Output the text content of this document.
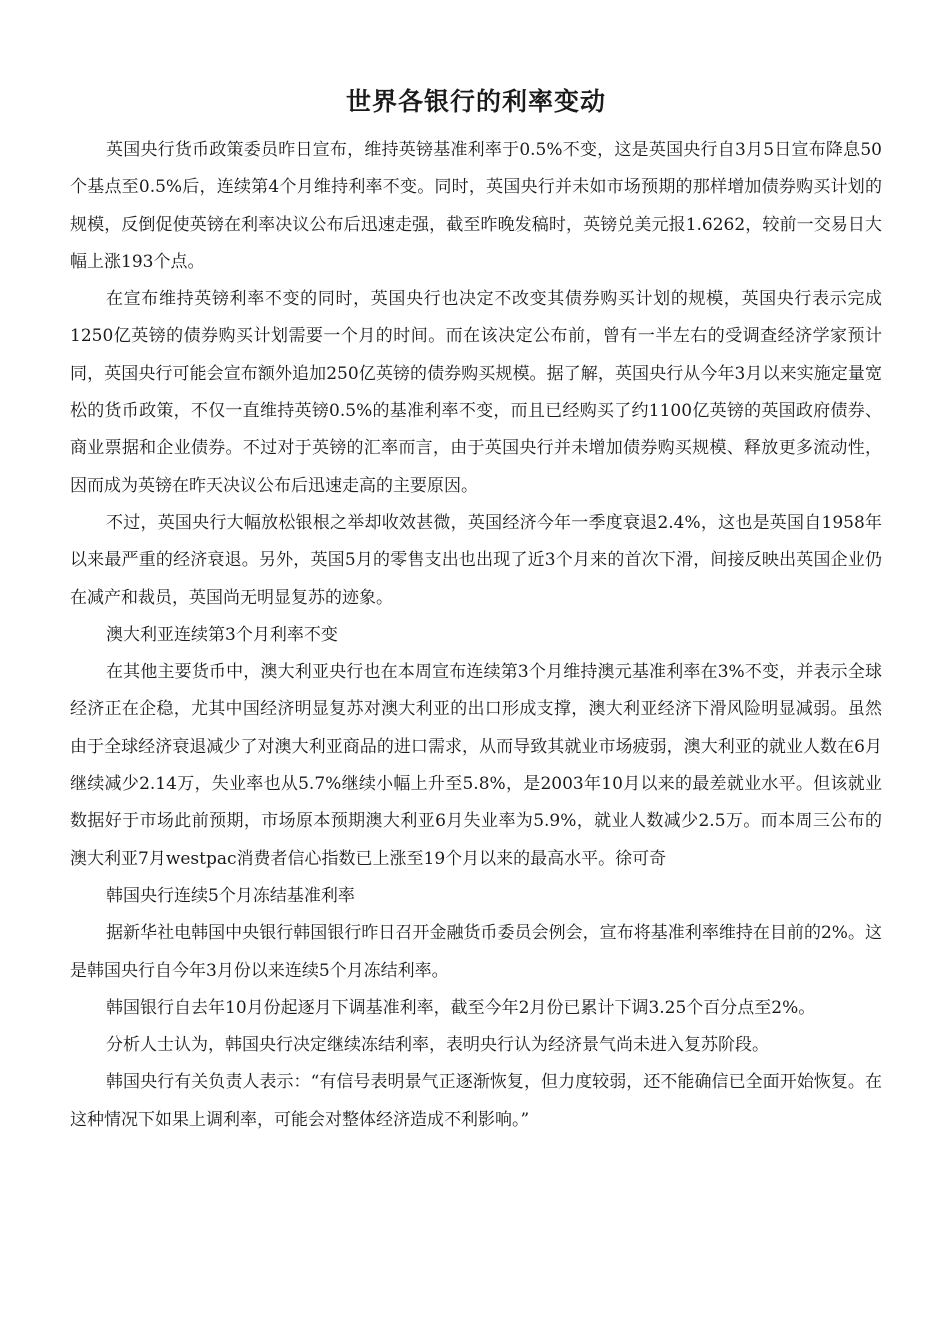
世界各银行的利率变动

英国央行货币政策委员昨日宣布，维持英镑基准利率于0.5%不变，这是英国央行自3月5日宣布降息50个基点至0.5%后，连续第4个月维持利率不变。同时，英国央行并未如市场预期的那样增加债券购买计划的规模，反倒促使英镑在利率决议公布后迅速走强，截至昨晚发稿时，英镑兑美元报1.6262，较前一交易日大幅上涨193个点。

在宣布维持英镑利率不变的同时，英国央行也决定不改变其债券购买计划的规模，英国央行表示完成1250亿英镑的债券购买计划需要一个月的时间。而在该决定公布前，曾有一半左右的受调查经济学家预计同，英国央行可能会宣布额外追加250亿英镑的债券购买规模。据了解，英国央行从今年3月以来实施定量宽松的货币政策，不仅一直维持英镑0.5%的基准利率不变，而且已经购买了约1100亿英镑的英国政府债券、商业票据和企业债券。不过对于英镑的汇率而言，由于英国央行并未增加债券购买规模、释放更多流动性，因而成为英镑在昨天决议公布后迅速走高的主要原因。

不过，英国央行大幅放松银根之举却收效甚微，英国经济今年一季度衰退2.4%，这也是英国自1958年以来最严重的经济衰退。另外，英国5月的零售支出也出现了近3个月来的首次下滑，间接反映出英国企业仍在减产和裁员，英国尚无明显复苏的迹象。

澳大利亚连续第3个月利率不变

在其他主要货币中，澳大利亚央行也在本周宣布连续第3个月维持澳元基准利率在3%不变，并表示全球经济正在企稳，尤其中国经济明显复苏对澳大利亚的出口形成支撑，澳大利亚经济下滑风险明显减弱。虽然由于全球经济衰退减少了对澳大利亚商品的进口需求，从而导致其就业市场疲弱，澳大利亚的就业人数在6月继续减少2.14万，失业率也从5.7%继续小幅上升至5.8%，是2003年10月以来的最差就业水平。但该就业数据好于市场此前预期，市场原本预期澳大利亚6月失业率为5.9%，就业人数减少2.5万。而本周三公布的澳大利亚7月westpac消费者信心指数已上涨至19个月以来的最高水平。徐可奇

韩国央行连续5个月冻结基准利率

据新华社电韩国中央银行韩国银行昨日召开金融货币委员会例会，宣布将基准利率维持在目前的2%。这是韩国央行自今年3月份以来连续5个月冻结利率。

韩国银行自去年10月份起逐月下调基准利率，截至今年2月份已累计下调3.25个百分点至2%。

分析人士认为，韩国央行决定继续冻结利率，表明央行认为经济景气尚未进入复苏阶段。

韩国央行有关负责人表示：“有信号表明景气正逐渐恢复，但力度较弱，还不能确信已全面开始恢复。在这种情况下如果上调利率，可能会对整体经济造成不利影响。”
